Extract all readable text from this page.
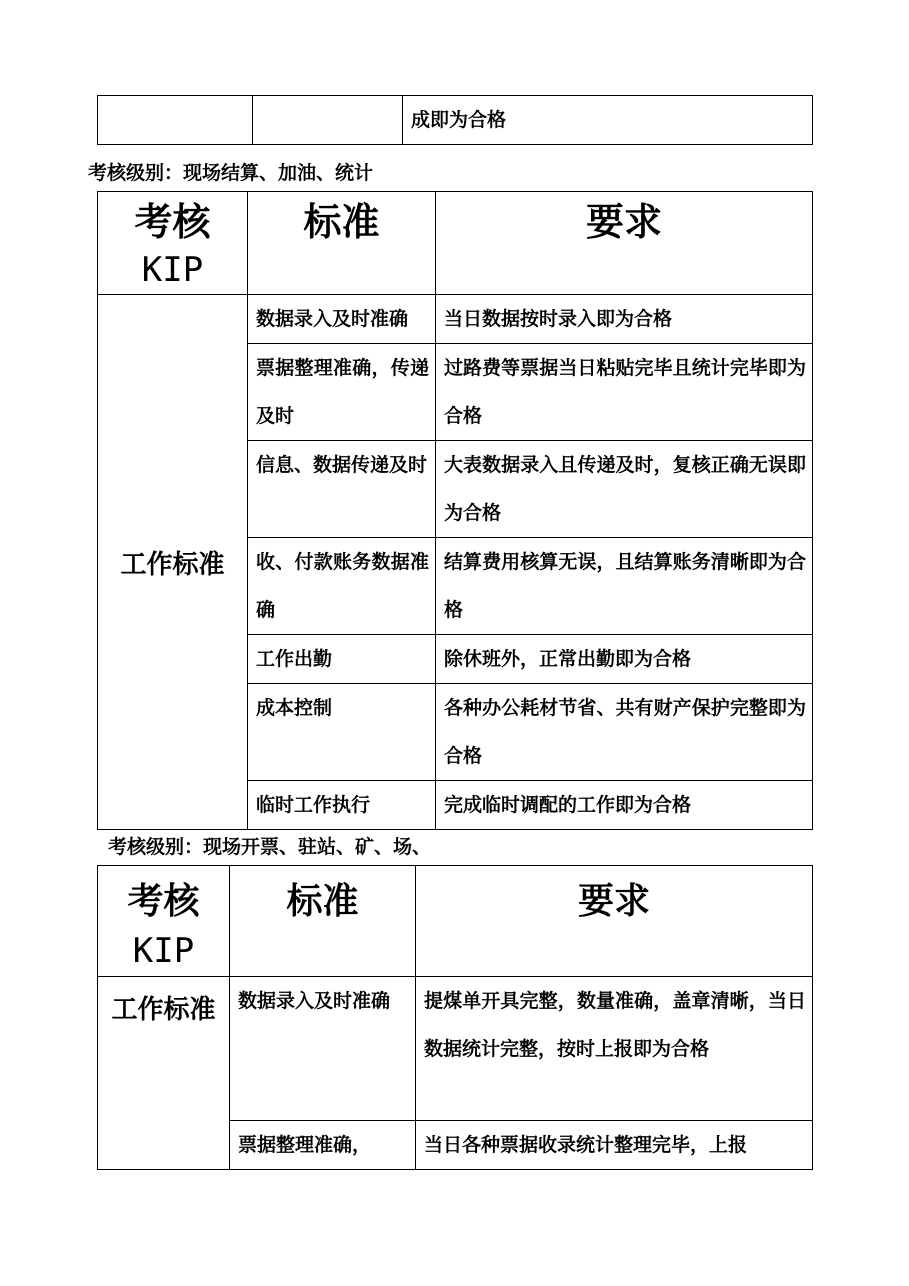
		成即为合格
考核级别：现场结算、加油、统计
考核
KIP	标准	要求
工作标准	数据录入及时准确	当日数据按时录入即为合格
	票据整理准确，传递及时	过路费等票据当日粘贴完毕且统计完毕即为合格
	信息、数据传递及时	大表数据录入且传递及时，复核正确无误即为合格
	收、付款账务数据准确	结算费用核算无误，且结算账务清晰即为合格
	工作出勤	除休班外，正常出勤即为合格
	成本控制	各种办公耗材节省、共有财产保护完整即为合格
	临时工作执行	完成临时调配的工作即为合格
考核级别：现场开票、驻站、矿、场、
考核
KIP	标准	要求
工作标准	数据录入及时准确	提煤单开具完整，数量准确，盖章清晰，当日数据统计完整，按时上报即为合格
	票据整理准确，	当日各种票据收录统计整理完毕，上报
